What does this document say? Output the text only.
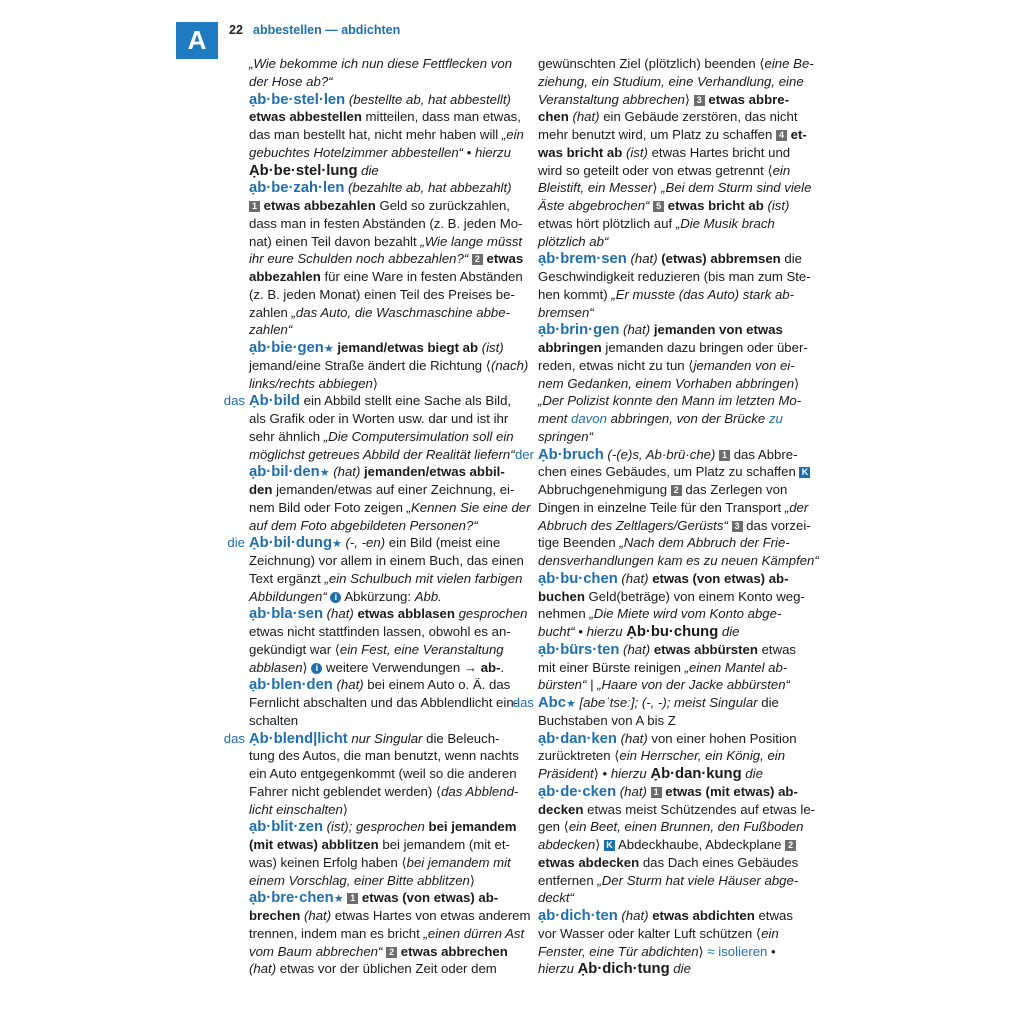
A	22 abbestellen — abdichten
„Wie bekomme ich nun diese Fettflecken von
der Hose ab?“
ạb·be·stel·len (bestellte ab, hat abbestellt)
etwas abbestellen mitteilen, dass man etwas,
das man bestellt hat, nicht mehr haben will „ein
gebuchtes Hotelzimmer abbestellen“ • hierzu
Ạb·be·stel·lung die
ạb·be·zah·len (bezahlte ab, hat abbezahlt)
1 etwas abbezahlen Geld so zurückzahlen,
dass man in festen Abständen (z. B. jeden Mo-
nat) einen Teil davon bezahlt „Wie lange müsst
ihr eure Schulden noch abbezahlen?“ 2 etwas
abbezahlen für eine Ware in festen Abständen
(z. B. jeden Monat) einen Teil des Preises be-
zahlen „das Auto, die Waschmaschine abbe-
zahlen“
ạb·bie·gen★ jemand/etwas biegt ab (ist)
jemand/eine Straße ändert die Richtung ⟨(nach)
links/rechts abbiegen⟩
das Ạb·bild ein Abbild stellt eine Sache als Bild,
als Grafik oder in Worten usw. dar und ist ihr
sehr ähnlich „Die Computersimulation soll ein
möglichst getreues Abbild der Realität liefern“
ạb·bil·den★ (hat) jemanden/etwas abbil-
den jemanden/etwas auf einer Zeichnung, ei-
nem Bild oder Foto zeigen „Kennen Sie eine der
auf dem Foto abgebildeten Personen?“
die Ạb·bil·dung★ (-, -en) ein Bild (meist eine
Zeichnung) vor allem in einem Buch, das einen
Text ergänzt „ein Schulbuch mit vielen farbigen
Abbildungen“ i Abkürzung: Abb.
ạb·bla·sen (hat) etwas abblasen gesprochen
etwas nicht stattfinden lassen, obwohl es an-
gekündigt war ⟨ein Fest, eine Veranstaltung
abblasen⟩ i weitere Verwendungen → ab-.
ạb·blen·den (hat) bei einem Auto o. Ä. das
Fernlicht abschalten und das Abblendlicht ein-
schalten
das Ạb·blend|licht nur Singular die Beleuch-
tung des Autos, die man benutzt, wenn nachts
ein Auto entgegenkommt (weil so die anderen
Fahrer nicht geblendet werden) ⟨das Abblend-
licht einschalten⟩
ạb·blit·zen (ist); gesprochen bei jemandem
(mit etwas) abblitzen bei jemandem (mit et-
was) keinen Erfolg haben ⟨bei jemandem mit
einem Vorschlag, einer Bitte abblitzen⟩
ạb·bre·chen★ 1 etwas (von etwas) ab-
brechen (hat) etwas Hartes von etwas anderem
trennen, indem man es bricht „einen dürren Ast
vom Baum abbrechen“ 2 etwas abbrechen
(hat) etwas vor der üblichen Zeit oder dem
gewünschten Ziel (plötzlich) beenden ⟨eine Be-
ziehung, ein Studium, eine Verhandlung, eine
Veranstaltung abbrechen⟩ 3 etwas abbre-
chen (hat) ein Gebäude zerstören, das nicht
mehr benutzt wird, um Platz zu schaffen 4 et-
was bricht ab (ist) etwas Hartes bricht und
wird so geteilt oder von etwas getrennt ⟨ein
Bleistift, ein Messer⟩ „Bei dem Sturm sind viele
Äste abgebrochen“ 5 etwas bricht ab (ist)
etwas hört plötzlich auf „Die Musik brach
plötzlich ab“
ạb·brem·sen (hat) (etwas) abbremsen die
Geschwindigkeit reduzieren (bis man zum Ste-
hen kommt) „Er musste (das Auto) stark ab-
bremsen“
ạb·brin·gen (hat) jemanden von etwas
abbringen jemanden dazu bringen oder über-
reden, etwas nicht zu tun ⟨jemanden von ei-
nem Gedanken, einem Vorhaben abbringen⟩
„Der Polizist konnte den Mann im letzten Mo-
ment davon abbringen, von der Brücke zu
springen“
der Ạb·bruch (-(e)s, Ab·brü·che) 1 das Abbre-
chen eines Gebäudes, um Platz zu schaffen K
Abbruchgenehmigung 2 das Zerlegen von
Dingen in einzelne Teile für den Transport „der
Abbruch des Zeltlagers/Gerüsts“ 3 das vorzei-
tige Beenden „Nach dem Abbruch der Frie-
densverhandlungen kam es zu neuen Kämpfen“
ạb·bu·chen (hat) etwas (von etwas) ab-
buchen Geld(beträge) von einem Konto weg-
nehmen „Die Miete wird vom Konto abge-
bucht“ • hierzu Ạb·bu·chung die
ạb·bürs·ten (hat) etwas abbürsten etwas
mit einer Bürste reinigen „einen Mantel ab-
bürsten“ | „Haare von der Jacke abbürsten“
das Abc★ [abeˈtseː]; (-, -); meist Singular die
Buchstaben von A bis Z
ạb·dan·ken (hat) von einer hohen Position
zurücktreten ⟨ein Herrscher, ein König, ein
Präsident⟩ • hierzu Ạb·dan·kung die
ạb·de·cken (hat) 1 etwas (mit etwas) ab-
decken etwas meist Schützendes auf etwas le-
gen ⟨ein Beet, einen Brunnen, den Fußboden
abdecken⟩ K Abdeckhaube, Abdeckplane 2
etwas abdecken das Dach eines Gebäudes
entfernen „Der Sturm hat viele Häuser abge-
deckt“
ạb·dich·ten (hat) etwas abdichten etwas
vor Wasser oder kalter Luft schützen ⟨ein
Fenster, eine Tür abdichten⟩ ≈ isolieren •
hierzu Ạb·dich·tung die
